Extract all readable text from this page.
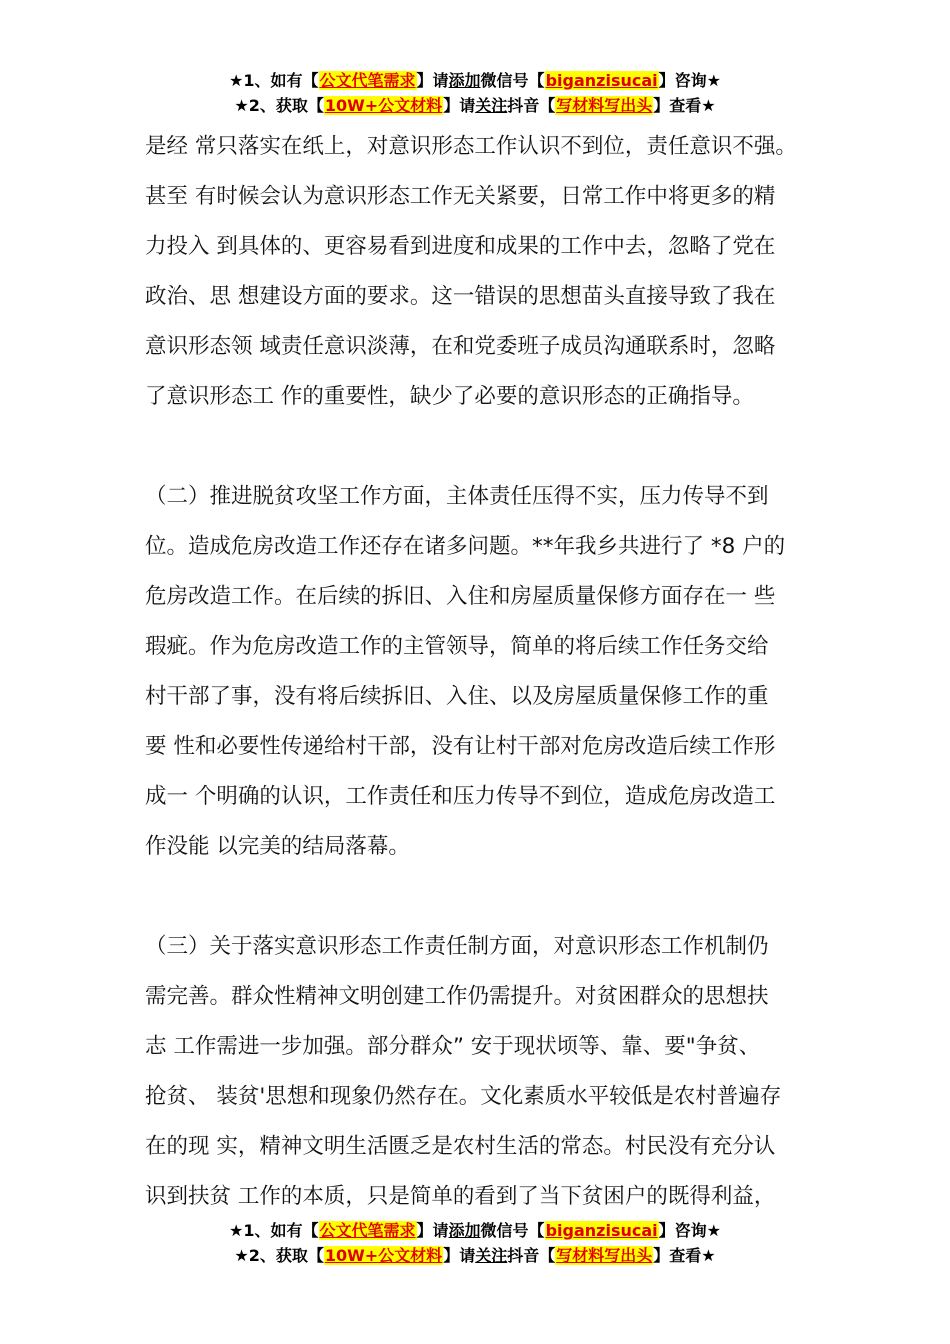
★1、如有【公文代笔需求】请添加微信号【biganzisucai】咨询★
★2、获取【10W+公文材料】请关注抖音【写材料写出头】查看★
是经 常只落实在纸上，对意识形态工作认识不到位，责任意识不强。
甚至 有时候会认为意识形态工作无关紧要，日常工作中将更多的精
力投入 到具体的、更容易看到进度和成果的工作中去，忽略了党在
政治、思 想建设方面的要求。这一错误的思想苗头直接导致了我在
意识形态领 域责任意识淡薄，在和党委班子成员沟通联系时，忽略
了意识形态工 作的重要性，缺少了必要的意识形态的正确指导。
（二）推进脱贫攻坚工作方面，主体责任压得不实，压力传导不到
位。造成危房改造工作还存在诸多问题。**年我乡共进行了 *8 户的
危房改造工作。在后续的拆旧、入住和房屋质量保修方面存在一 些
瑕疵。作为危房改造工作的主管领导，简单的将后续工作任务交给
村干部了事，没有将后续拆旧、入住、以及房屋质量保修工作的重
要 性和必要性传递给村干部，没有让村干部对危房改造后续工作形
成一 个明确的认识，工作责任和压力传导不到位，造成危房改造工
作没能 以完美的结局落幕。
（三）关于落实意识形态工作责任制方面，对意识形态工作机制仍
需完善。群众性精神文明创建工作仍需提升。对贫困群众的思想扶
志 工作需进一步加强。部分群众” 安于现状顷等、靠、要"争贫、
抢贫、 装贫'思想和现象仍然存在。文化素质水平较低是农村普遍存
在的现 实，精神文明生活匮乏是农村生活的常态。村民没有充分认
识到扶贫 工作的本质，只是简单的看到了当下贫困户的既得利益，
★1、如有【公文代笔需求】请添加微信号【biganzisucai】咨询★
★2、获取【10W+公文材料】请关注抖音【写材料写出头】查看★
